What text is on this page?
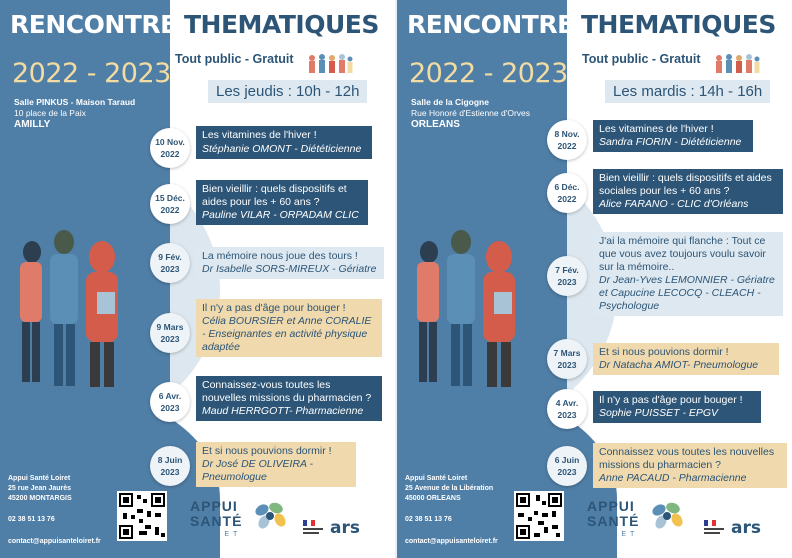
RENCONTRES
THEMATIQUES
2022 - 2023 Tout public - Gratuit
Les jeudis : 10h - 12h
Salle PINKUS - Maison Taraud
10 place de la Paix
AMILLY
10 Nov.
2022
Les vitamines de l'hiver !
Stéphanie OMONT - Diététicienne
15 Déc.
2022
Bien vieillir : quels dispositifs et aides pour les + 60 ans ?
Pauline VILAR - ORPADAM CLIC
9 Fév.
2023
La mémoire nous joue des tours !
Dr Isabelle SORS-MIREUX - Gériatre
9 Mars
2023
Il n'y a pas d'âge pour bouger !
Célia BOURSIER et Anne CORALIE - Enseignantes en activité physique adaptée
6 Avr.
2023
Connaissez-vous toutes les nouvelles missions du pharmacien ?
Maud HERRGOTT- Pharmacienne
8 Juin
2023
Et si nous pouvions dormir !
Dr José DE OLIVEIRA - Pneumologue
Appui Santé Loiret
25 rue Jean Jaurès
45200 MONTARGIS
02 38 51 13 76
contact@appuisanteloiret.fr
APPUI
SANTÉ
LOIRET	ars
RENCONTRES
THEMATIQUES
2022 - 2023 Tout public - Gratuit
Les mardis : 14h - 16h
Salle de la Cigogne
Rue Honoré d'Estienne d'Orves
ORLEANS
8 Nov.
2022
Les vitamines de l'hiver !
Sandra FIORIN - Diététicienne
6 Déc.
2022
Bien vieillir : quels dispositifs et aides sociales pour les + 60 ans ?
Alice FARANO - CLIC d'Orléans
7 Fév.
2023
J'ai la mémoire qui flanche : Tout ce que vous avez toujours voulu savoir sur la mémoire..
Dr Jean-Yves LEMONNIER - Gériatre et Capucine LECOCQ - CLEACH - Psychologue
7 Mars
2023
Et si nous pouvions dormir !
Dr Natacha AMIOT- Pneumologue
4 Avr.
2023
Il n'y a pas d'âge pour bouger !
Sophie PUISSET - EPGV
6 Juin
2023
Connaissez vous toutes les nouvelles missions du pharmacien ?
Anne PACAUD - Pharmacienne
Appui Santé Loiret
25 Avenue de la Libération
45000 ORLEANS
02 38 51 13 76
contact@appuisanteloiret.fr
APPUI
SANTÉ
LOIRET	ars
